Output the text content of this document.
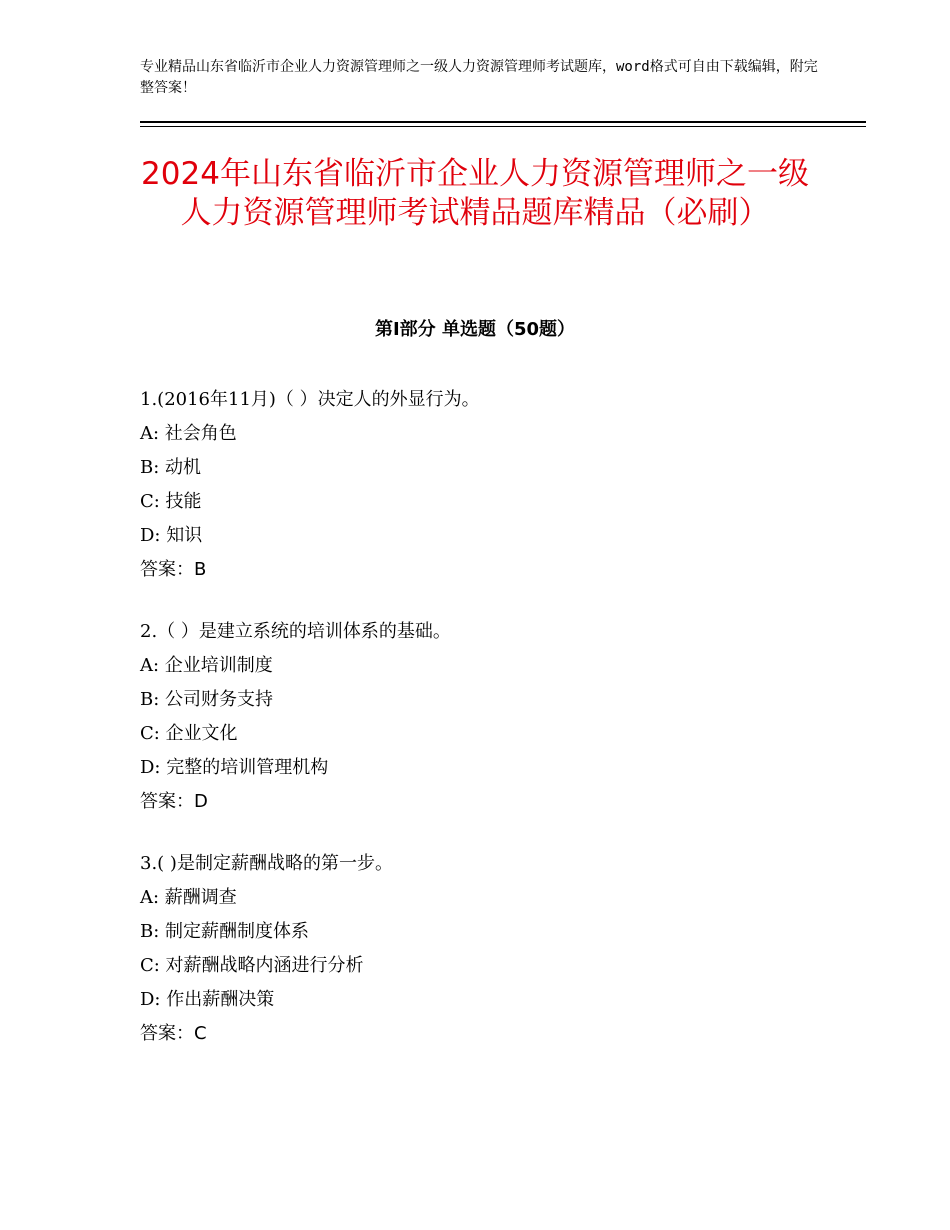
专业精品山东省临沂市企业人力资源管理师之一级人力资源管理师考试题库，word格式可自由下载编辑，附完整答案！
2024年山东省临沂市企业人力资源管理师之一级人力资源管理师考试精品题库精品（必刷）
第Ⅰ部分 单选题（50题）
1.(2016年11月)（ ）决定人的外显行为。
A: 社会角色
B: 动机
C: 技能
D: 知识
答案：B
2.（ ）是建立系统的培训体系的基础。
A: 企业培训制度
B: 公司财务支持
C: 企业文化
D: 完整的培训管理机构
答案：D
3.( )是制定薪酬战略的第一步。
A: 薪酬调查
B: 制定薪酬制度体系
C: 对薪酬战略内涵进行分析
D: 作出薪酬决策
答案：C
